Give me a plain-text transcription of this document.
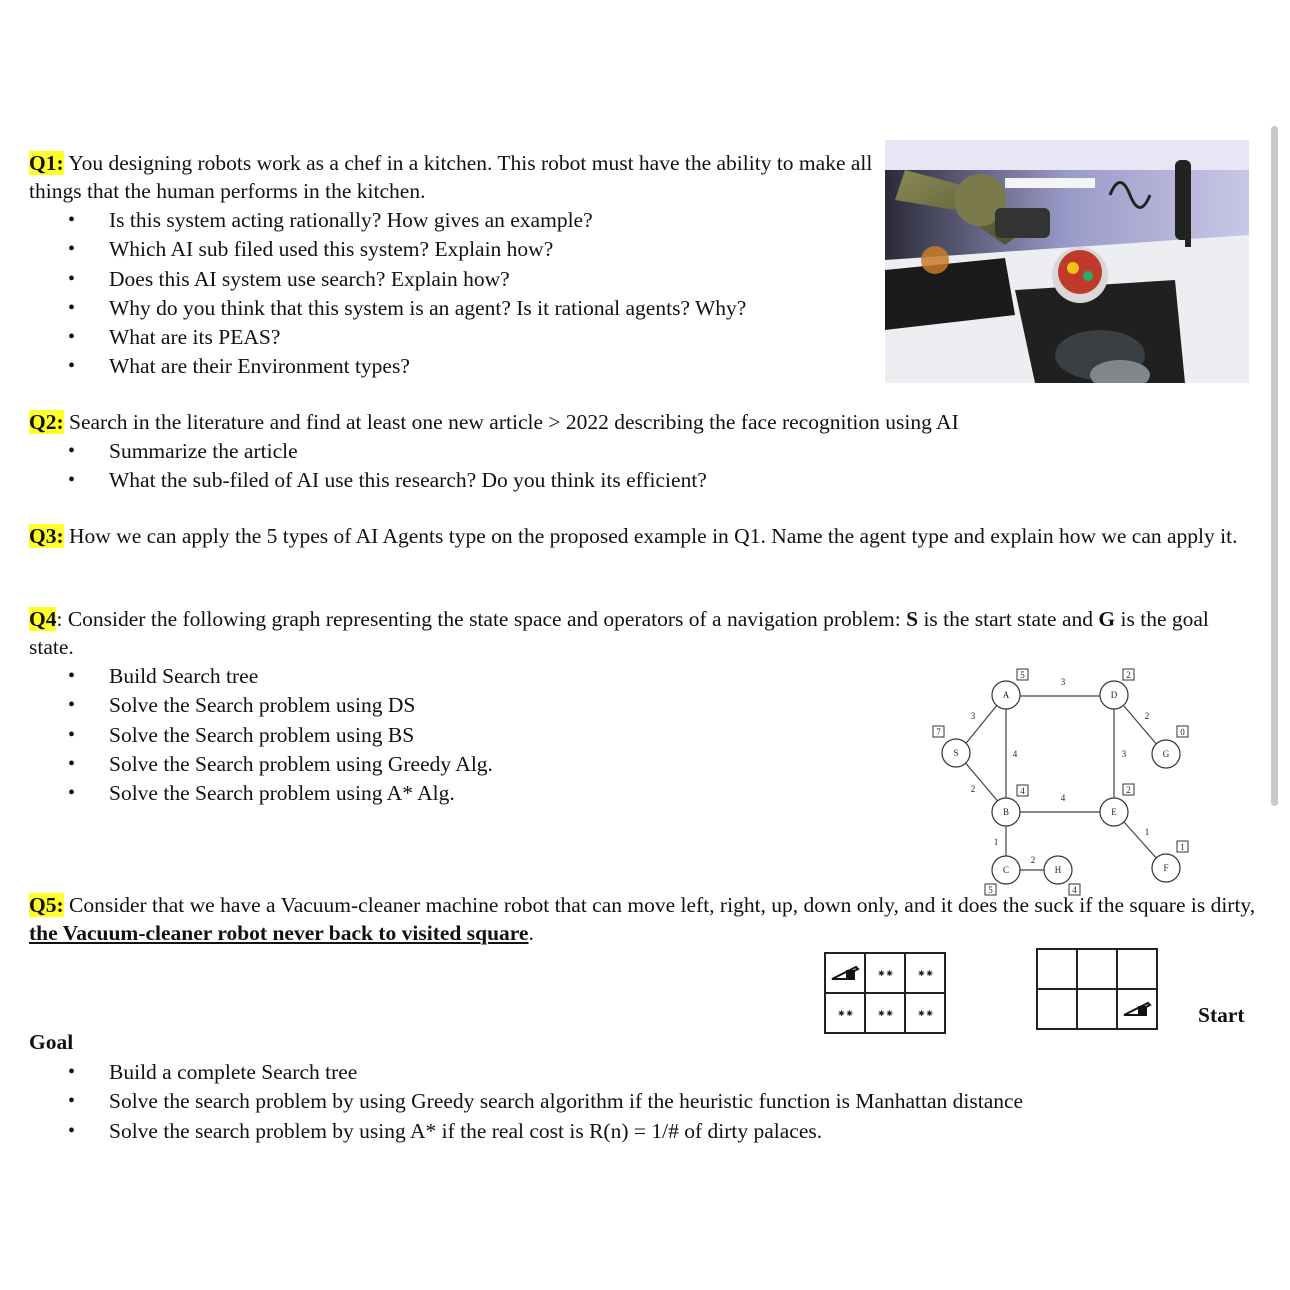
Q1: You designing robots work as a chef in a kitchen. This robot must have the ability to make all things that the human performs in the kitchen.
• Is this system acting rationally? How gives an example?
• Which AI sub filed used this system? Explain how?
• Does this AI system use search? Explain how?
• Why do you think that this system is an agent? Is it rational agents? Why?
• What are its PEAS?
• What are their Environment types?
Q2: Search in the literature and find at least one new article > 2022 describing the face recognition using AI
• Summarize the article
• What the sub-filed of AI use this research? Do you think its efficient?
Q3: How we can apply the 5 types of AI Agents type on the proposed example in Q1. Name the agent type and explain how we can apply it.
Q4: Consider the following graph representing the state space and operators of a navigation problem: S is the start state and G is the goal state.
• Build Search tree
• Solve the Search problem using DS
• Solve the Search problem using BS
• Solve the Search problem using Greedy Alg.
• Solve the Search problem using A* Alg.
3
2
4
3
4
1
2
3
2
1
S
A
B
C	H
D
E
G
F
7
5
4
5	4
2
2
0
1
Q5: Consider that we have a Vacuum-cleaner machine robot that can move left, right, up, down only, and it does the suck if the square is dirty, the Vacuum-cleaner robot never back to visited square.
	⁕⁕	⁕⁕
⁕⁕	⁕⁕	⁕⁕

			Start
Goal
• Build a complete Search tree
• Solve the search problem by using Greedy search algorithm if the heuristic function is Manhattan distance
• Solve the search problem by using A* if the real cost is R(n) = 1/# of dirty palaces.
